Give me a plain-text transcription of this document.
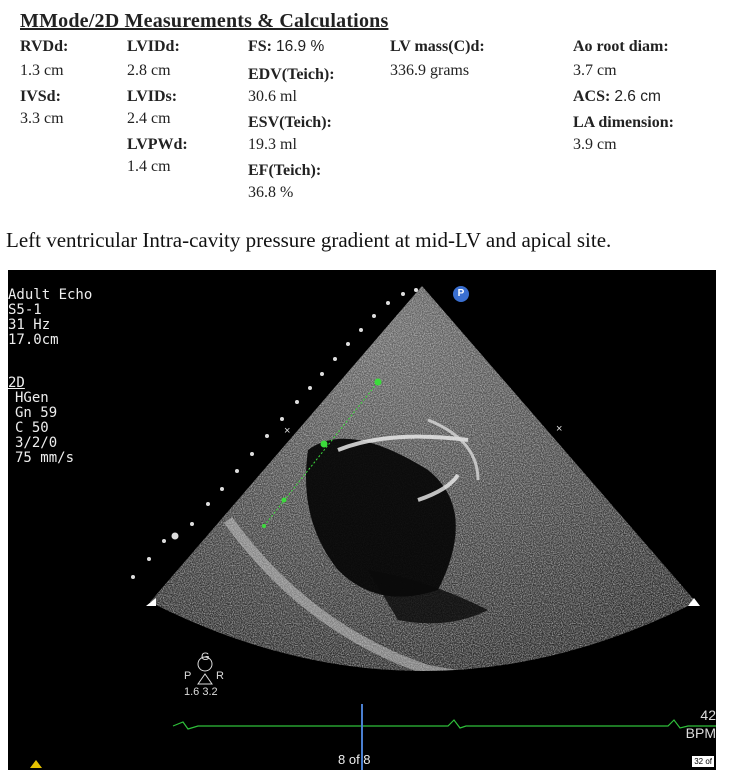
MMode/2D Measurements & Calculations
RVDd:
1.3 cm
IVSd:
3.3 cm
LVIDd:
2.8 cm
LVIDs:
2.4 cm
LVPWd:
1.4 cm
FS: 16.9 %
EDV(Teich):
30.6 ml
ESV(Teich):
19.3 ml
EF(Teich):
36.8 %
LV mass(C)d:
336.9 grams
Ao root diam:
3.7 cm
ACS: 2.6 cm
LA dimension:
3.9 cm
Left ventricular Intra-cavity pressure gradient at mid-LV and apical site.
×	×
Adult Echo
S5-1
31 Hz
17.0cm
2D
HGen
Gn 59
C 50
3/2/0
75 mm/s
P
G
P R
1.6 3.2
8 of 8
42
BPM
32 of
